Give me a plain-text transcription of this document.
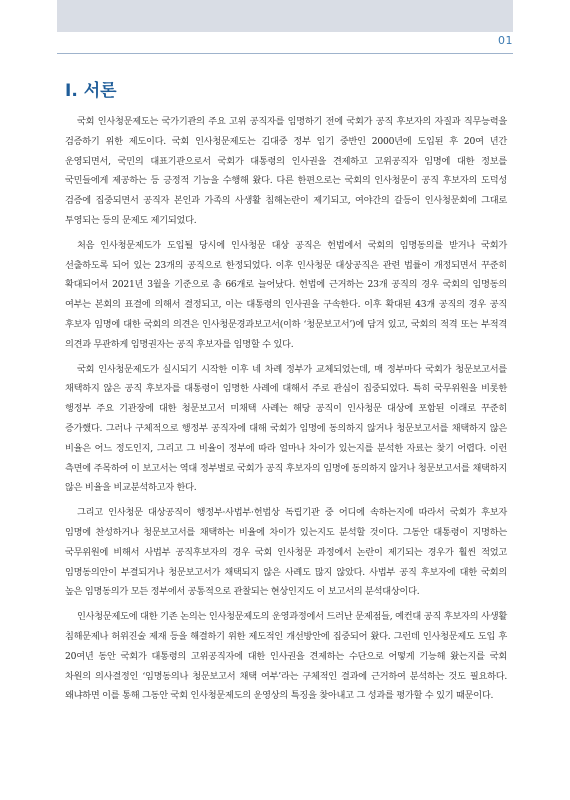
01
Ⅰ. 서론

국회 인사청문제도는 국가기관의 주요 고위 공직자를 임명하기 전에 국회가 공직 후보자의 자질과 직무능력을 검증하기 위한 제도이다. 국회 인사청문제도는 김대중 정부 임기 중반인 2000년에 도입된 후 20여 년간 운영되면서, 국민의 대표기관으로서 국회가 대통령의 인사권을 견제하고 고위공직자 임명에 대한 정보를 국민들에게 제공하는 등 긍정적 기능을 수행해 왔다. 다른 한편으로는 국회의 인사청문이 공직 후보자의 도덕성 검증에 집중되면서 공직자 본인과 가족의 사생활 침해논란이 제기되고, 여야간의 갈등이 인사청문회에 그대로 투영되는 등의 문제도 제기되었다.

처음 인사청문제도가 도입될 당시에 인사청문 대상 공직은 헌법에서 국회의 임명동의를 받거나 국회가 선출하도록 되어 있는 23개의 공직으로 한정되었다. 이후 인사청문 대상공직은 관련 법률이 개정되면서 꾸준히 확대되어서 2021년 3월을 기준으로 총 66개로 늘어났다. 헌법에 근거하는 23개 공직의 경우 국회의 임명동의 여부는 본회의 표결에 의해서 결정되고, 이는 대통령의 인사권을 구속한다. 이후 확대된 43개 공직의 경우 공직 후보자 임명에 대한 국회의 의견은 인사청문경과보고서(이하 ‘청문보고서’)에 담겨 있고, 국회의 적격 또는 부적격 의견과 무관하게 임명권자는 공직 후보자를 임명할 수 있다.

국회 인사청문제도가 실시되기 시작한 이후 네 차례 정부가 교체되었는데, 매 정부마다 국회가 청문보고서를 채택하지 않은 공직 후보자를 대통령이 임명한 사례에 대해서 주로 관심이 집중되었다. 특히 국무위원을 비롯한 행정부 주요 기관장에 대한 청문보고서 미채택 사례는 해당 공직이 인사청문 대상에 포함된 이래로 꾸준히 증가했다. 그러나 구체적으로 행정부 공직자에 대해 국회가 임명에 동의하지 않거나 청문보고서를 채택하지 않은 비율은 어느 정도인지, 그리고 그 비율이 정부에 따라 얼마나 차이가 있는지를 분석한 자료는 찾기 어렵다. 이런 측면에 주목하여 이 보고서는 역대 정부별로 국회가 공직 후보자의 임명에 동의하지 않거나 청문보고서를 채택하지 않은 비율을 비교분석하고자 한다.

그리고 인사청문 대상공직이 행정부·사법부·헌법상 독립기관 중 어디에 속하는지에 따라서 국회가 후보자 임명에 찬성하거나 청문보고서를 채택하는 비율에 차이가 있는지도 분석할 것이다. 그동안 대통령이 지명하는 국무위원에 비해서 사법부 공직후보자의 경우 국회 인사청문 과정에서 논란이 제기되는 경우가 훨씬 적었고 임명동의안이 부결되거나 청문보고서가 채택되지 않은 사례도 많지 않았다. 사법부 공직 후보자에 대한 국회의 높은 임명동의가 모든 정부에서 공통적으로 관찰되는 현상인지도 이 보고서의 분석대상이다.

인사청문제도에 대한 기존 논의는 인사청문제도의 운영과정에서 드러난 문제점들, 예컨대 공직 후보자의 사생활 침해문제나 허위진술 제재 등을 해결하기 위한 제도적인 개선방안에 집중되어 왔다. 그런데 인사청문제도 도입 후 20여년 동안 국회가 대통령의 고위공직자에 대한 인사권을 견제하는 수단으로 어떻게 기능해 왔는지를 국회 차원의 의사결정인 ‘임명동의나 청문보고서 채택 여부’라는 구체적인 결과에 근거하여 분석하는 것도 필요하다. 왜냐하면 이를 통해 그동안 국회 인사청문제도의 운영상의 특징을 찾아내고 그 성과를 평가할 수 있기 때문이다.
